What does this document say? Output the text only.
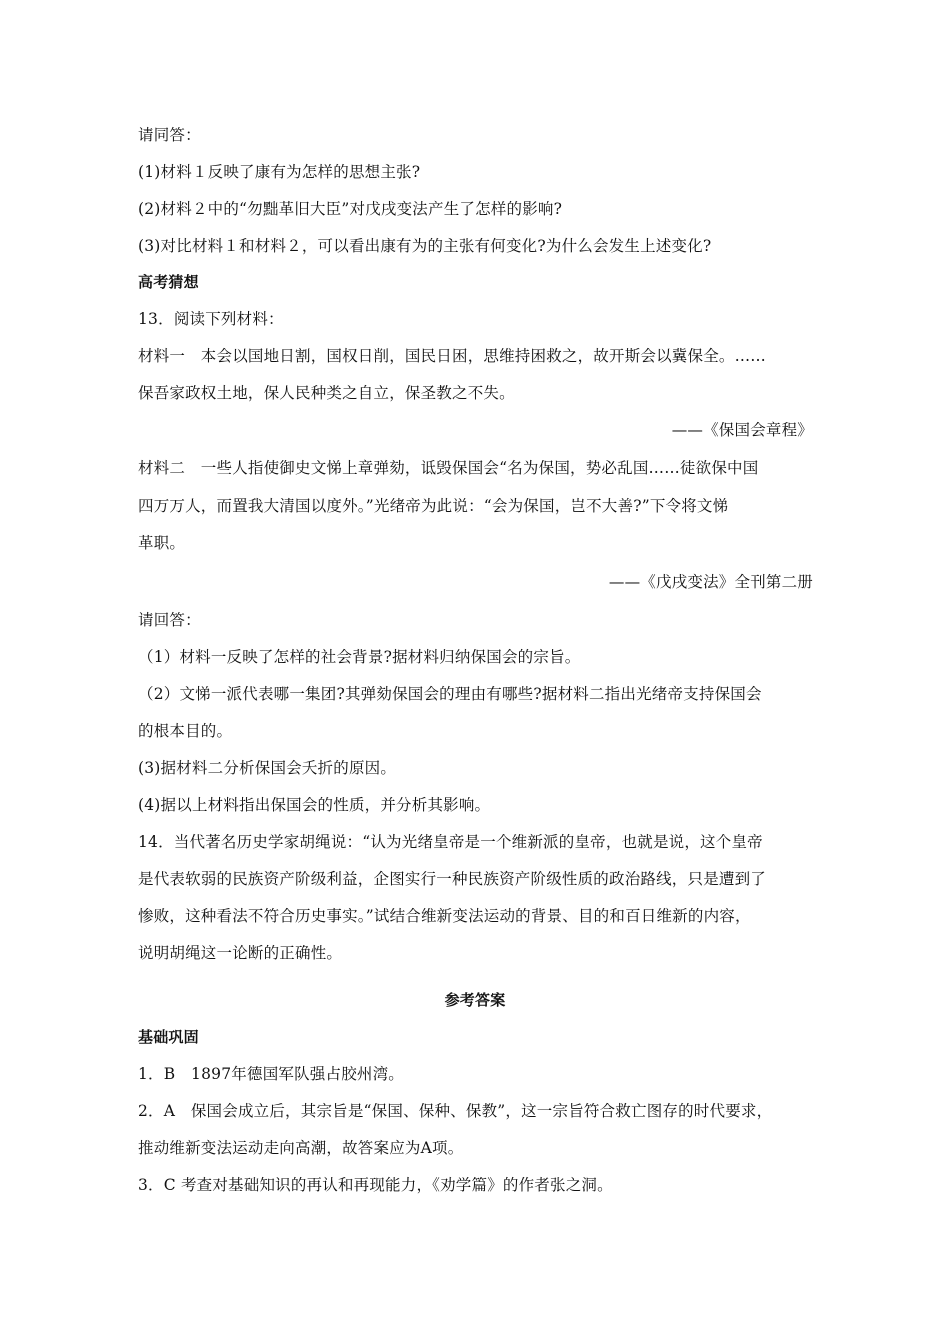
请同答：
(1)材料１反映了康有为怎样的思想主张?
(2)材料２中的“勿黜革旧大臣”对戊戌变法产生了怎样的影响?
(3)对比材料１和材料２，可以看出康有为的主张有何变化?为什么会发生上述变化?
高考猜想
13．阅读下列材料：
材料一　本会以国地日割，国权日削，国民日困，思维持困救之，故开斯会以冀保全。……
保吾家政权土地，保人民种类之自立，保圣教之不失。
——《保国会章程》
材料二　一些人指使御史文悌上章弹劾，诋毁保国会“名为保国，势必乱国……徒欲保中国
四万万人，而置我大清国以度外。”光绪帝为此说：“会为保国，岂不大善?”下令将文悌
革职。
——《戊戌变法》全刊第二册
请回答：
（1）材料一反映了怎样的社会背景?据材料归纳保国会的宗旨。
（2）文悌一派代表哪一集团?其弹劾保国会的理由有哪些?据材料二指出光绪帝支持保国会
的根本目的。
(3)据材料二分析保国会夭折的原因。
(4)据以上材料指出保国会的性质，并分析其影响。
14．当代著名历史学家胡绳说：“认为光绪皇帝是一个维新派的皇帝，也就是说，这个皇帝
是代表软弱的民族资产阶级利益，企图实行一种民族资产阶级性质的政治路线，只是遭到了
惨败，这种看法不符合历史事实。”试结合维新变法运动的背景、目的和百日维新的内容，
说明胡绳这一论断的正确性。
参考答案
基础巩固
1．B　1897年德国军队强占胶州湾。
2．A　保国会成立后，其宗旨是“保国、保种、保教”，这一宗旨符合救亡图存的时代要求，
推动维新变法运动走向高潮，故答案应为A项。
3．C 考查对基础知识的再认和再现能力，《劝学篇》的作者张之洞。
